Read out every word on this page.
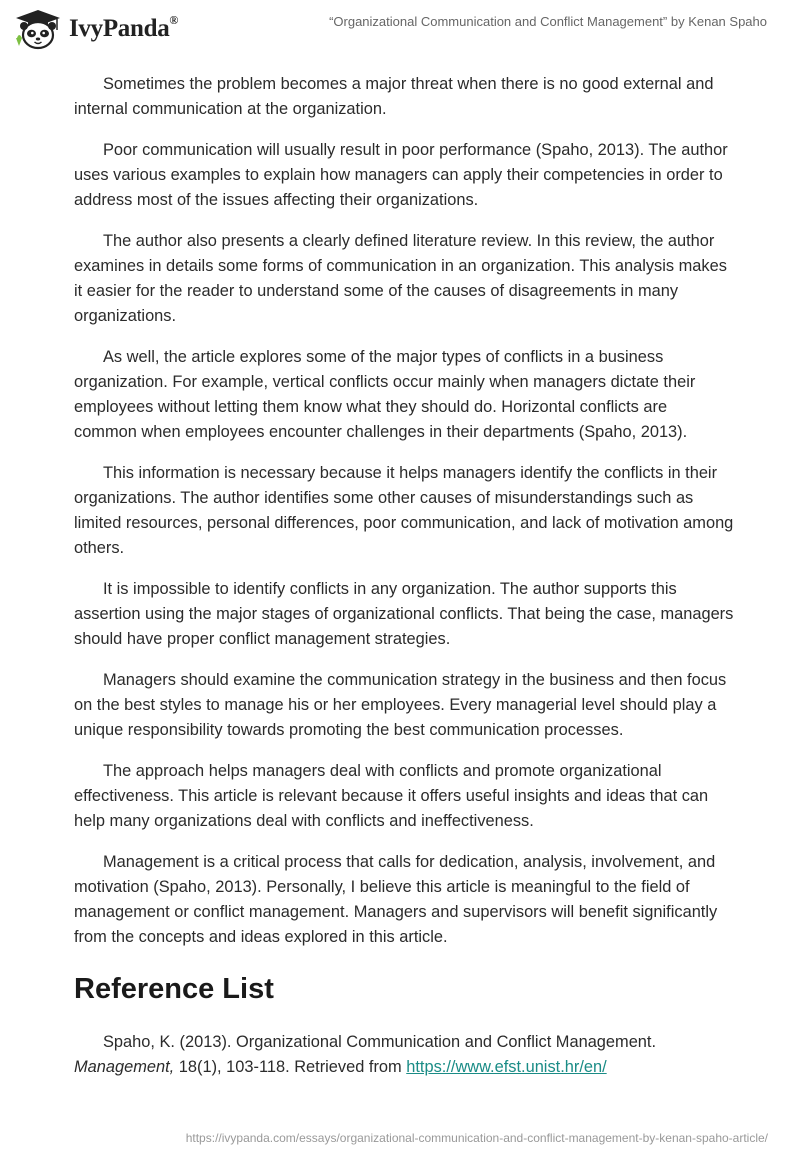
IvyPanda®	“Organizational Communication and Conflict Management” by Kenan Spaho

Sometimes the problem becomes a major threat when there is no good external and internal communication at the organization.

Poor communication will usually result in poor performance (Spaho, 2013). The author uses various examples to explain how managers can apply their competencies in order to address most of the issues affecting their organizations.

The author also presents a clearly defined literature review. In this review, the author examines in details some forms of communication in an organization. This analysis makes it easier for the reader to understand some of the causes of disagreements in many organizations.

As well, the article explores some of the major types of conflicts in a business organization. For example, vertical conflicts occur mainly when managers dictate their employees without letting them know what they should do. Horizontal conflicts are common when employees encounter challenges in their departments (Spaho, 2013).

This information is necessary because it helps managers identify the conflicts in their organizations. The author identifies some other causes of misunderstandings such as limited resources, personal differences, poor communication, and lack of motivation among others.

It is impossible to identify conflicts in any organization. The author supports this assertion using the major stages of organizational conflicts. That being the case, managers should have proper conflict management strategies.

Managers should examine the communication strategy in the business and then focus on the best styles to manage his or her employees. Every managerial level should play a unique responsibility towards promoting the best communication processes.

The approach helps managers deal with conflicts and promote organizational effectiveness. This article is relevant because it offers useful insights and ideas that can help many organizations deal with conflicts and ineffectiveness.

Management is a critical process that calls for dedication, analysis, involvement, and motivation (Spaho, 2013). Personally, I believe this article is meaningful to the field of management or conflict management. Managers and supervisors will benefit significantly from the concepts and ideas explored in this article.

Reference List

Spaho, K. (2013). Organizational Communication and Conflict Management. Management, 18(1), 103-118. Retrieved from https://www.efst.unist.hr/en/

https://ivypanda.com/essays/organizational-communication-and-conflict-management-by-kenan-spaho-article/
